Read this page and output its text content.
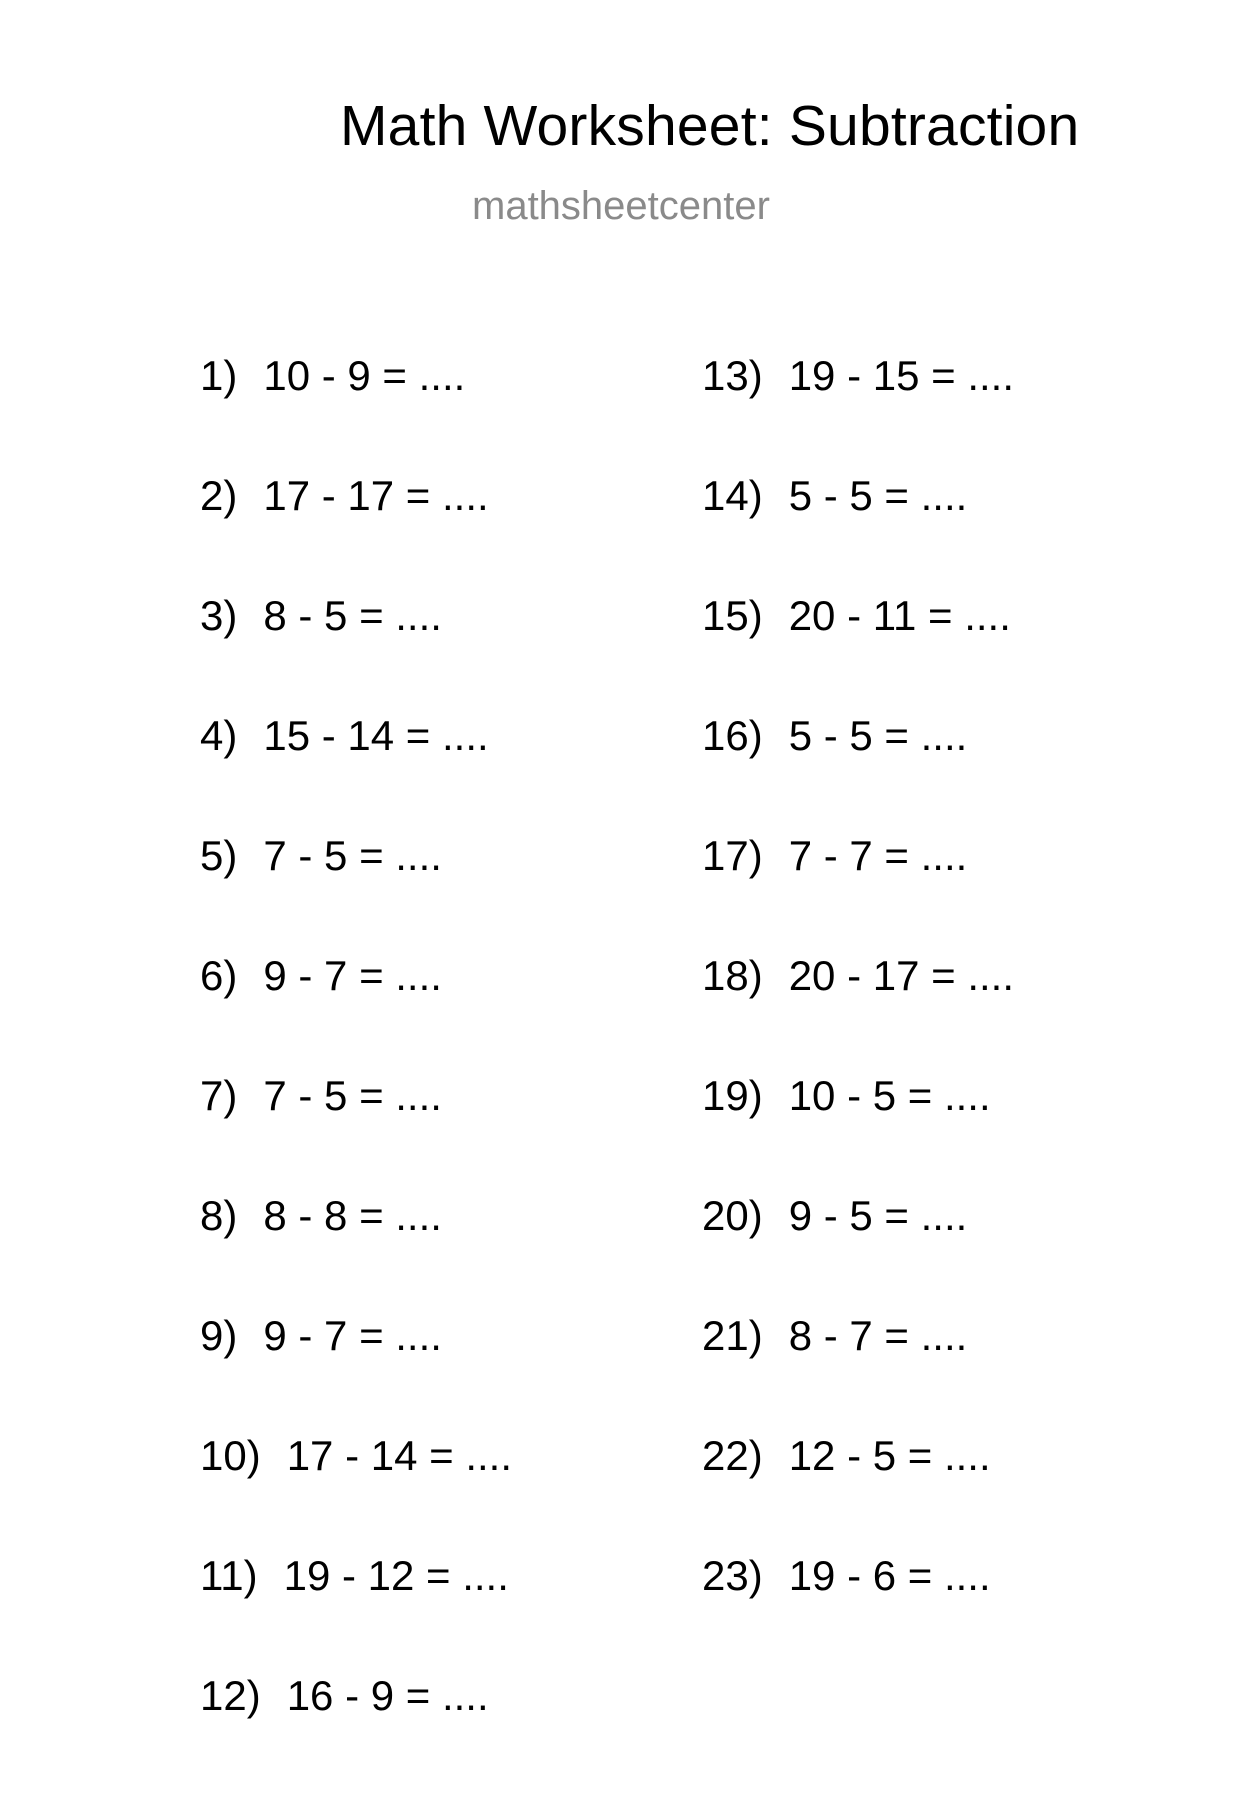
Math Worksheet: Subtraction
mathsheetcenter
1) 10 - 9 = ....
2) 17 - 17 = ....
3) 8 - 5 = ....
4) 15 - 14 = ....
5) 7 - 5 = ....
6) 9 - 7 = ....
7) 7 - 5 = ....
8) 8 - 8 = ....
9) 9 - 7 = ....
10) 17 - 14 = ....
11) 19 - 12 = ....
12) 16 - 9 = ....
13) 19 - 15 = ....
14) 5 - 5 = ....
15) 20 - 11 = ....
16) 5 - 5 = ....
17) 7 - 7 = ....
18) 20 - 17 = ....
19) 10 - 5 = ....
20) 9 - 5 = ....
21) 8 - 7 = ....
22) 12 - 5 = ....
23) 19 - 6 = ....
